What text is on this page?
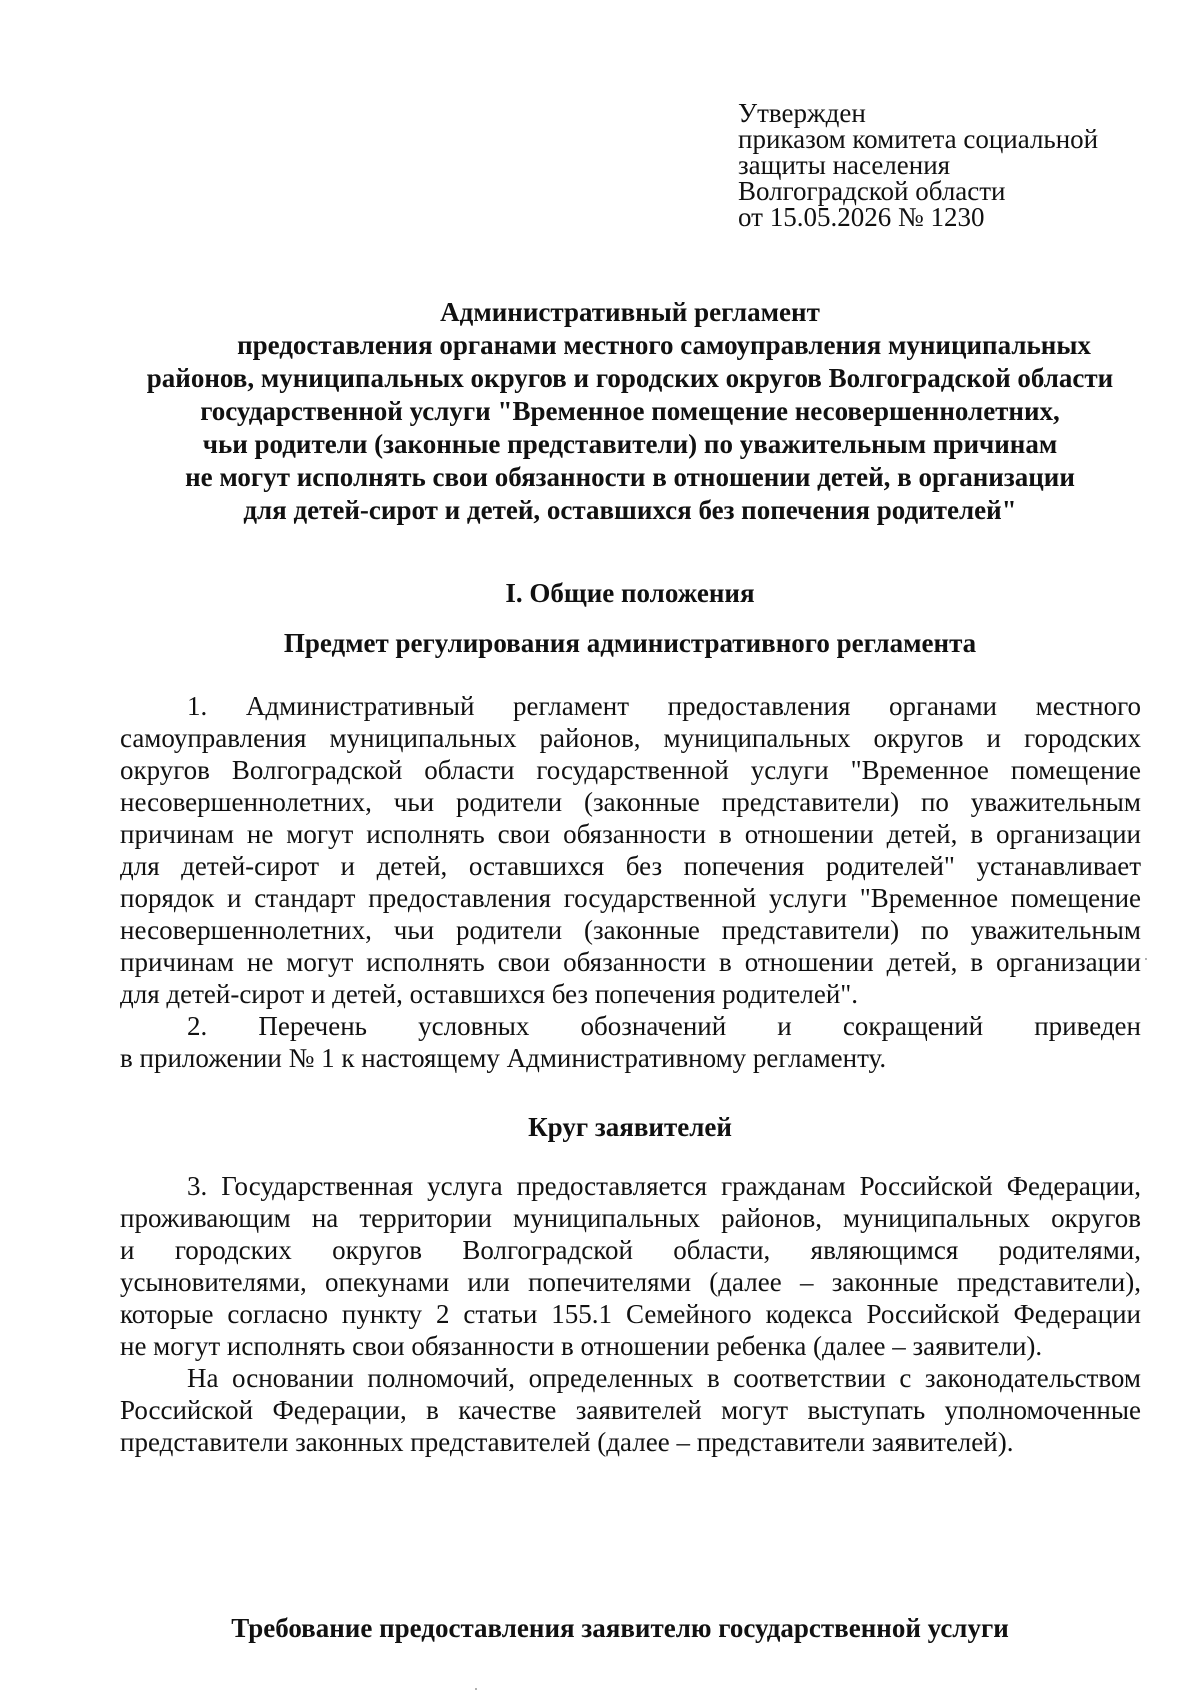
Утвержден
приказом комитета социальной
защиты населения
Волгоградской области
от 15.05.2026 № 1230
Административный регламент
предоставления органами местного самоуправления муниципальных
районов, муниципальных округов и городских округов Волгоградской области
государственной услуги "Временное помещение несовершеннолетних,
чьи родители (законные представители) по уважительным причинам
не могут исполнять свои обязанности в отношении детей, в организации
для детей-сирот и детей, оставшихся без попечения родителей"
I. Общие положения
Предмет регулирования административного регламента
1. Административный регламент предоставления органами местного
самоуправления муниципальных районов, муниципальных округов и городских
округов Волгоградской области государственной услуги "Временное помещение
несовершеннолетних, чьи родители (законные представители) по уважительным
причинам не могут исполнять свои обязанности в отношении детей, в организации
для детей-сирот и детей, оставшихся без попечения родителей" устанавливает
порядок и стандарт предоставления государственной услуги "Временное помещение
несовершеннолетних, чьи родители (законные представители) по уважительным
причинам не могут исполнять свои обязанности в отношении детей, в организации
для детей-сирот и детей, оставшихся без попечения родителей".
2. Перечень условных обозначений и сокращений приведен
в приложении № 1 к настоящему Административному регламенту.
Круг заявителей
3. Государственная услуга предоставляется гражданам Российской Федерации,
проживающим на территории муниципальных районов, муниципальных округов
и городских округов Волгоградской области, являющимся родителями,
усыновителями, опекунами или попечителями (далее – законные представители),
которые согласно пункту 2 статьи 155.1 Семейного кодекса Российской Федерации
не могут исполнять свои обязанности в отношении ребенка (далее – заявители).
На основании полномочий, определенных в соответствии с законодательством
Российской Федерации, в качестве заявителей могут выступать уполномоченные
представители законных представителей (далее – представители заявителей).
Требование предоставления заявителю государственной услуги
